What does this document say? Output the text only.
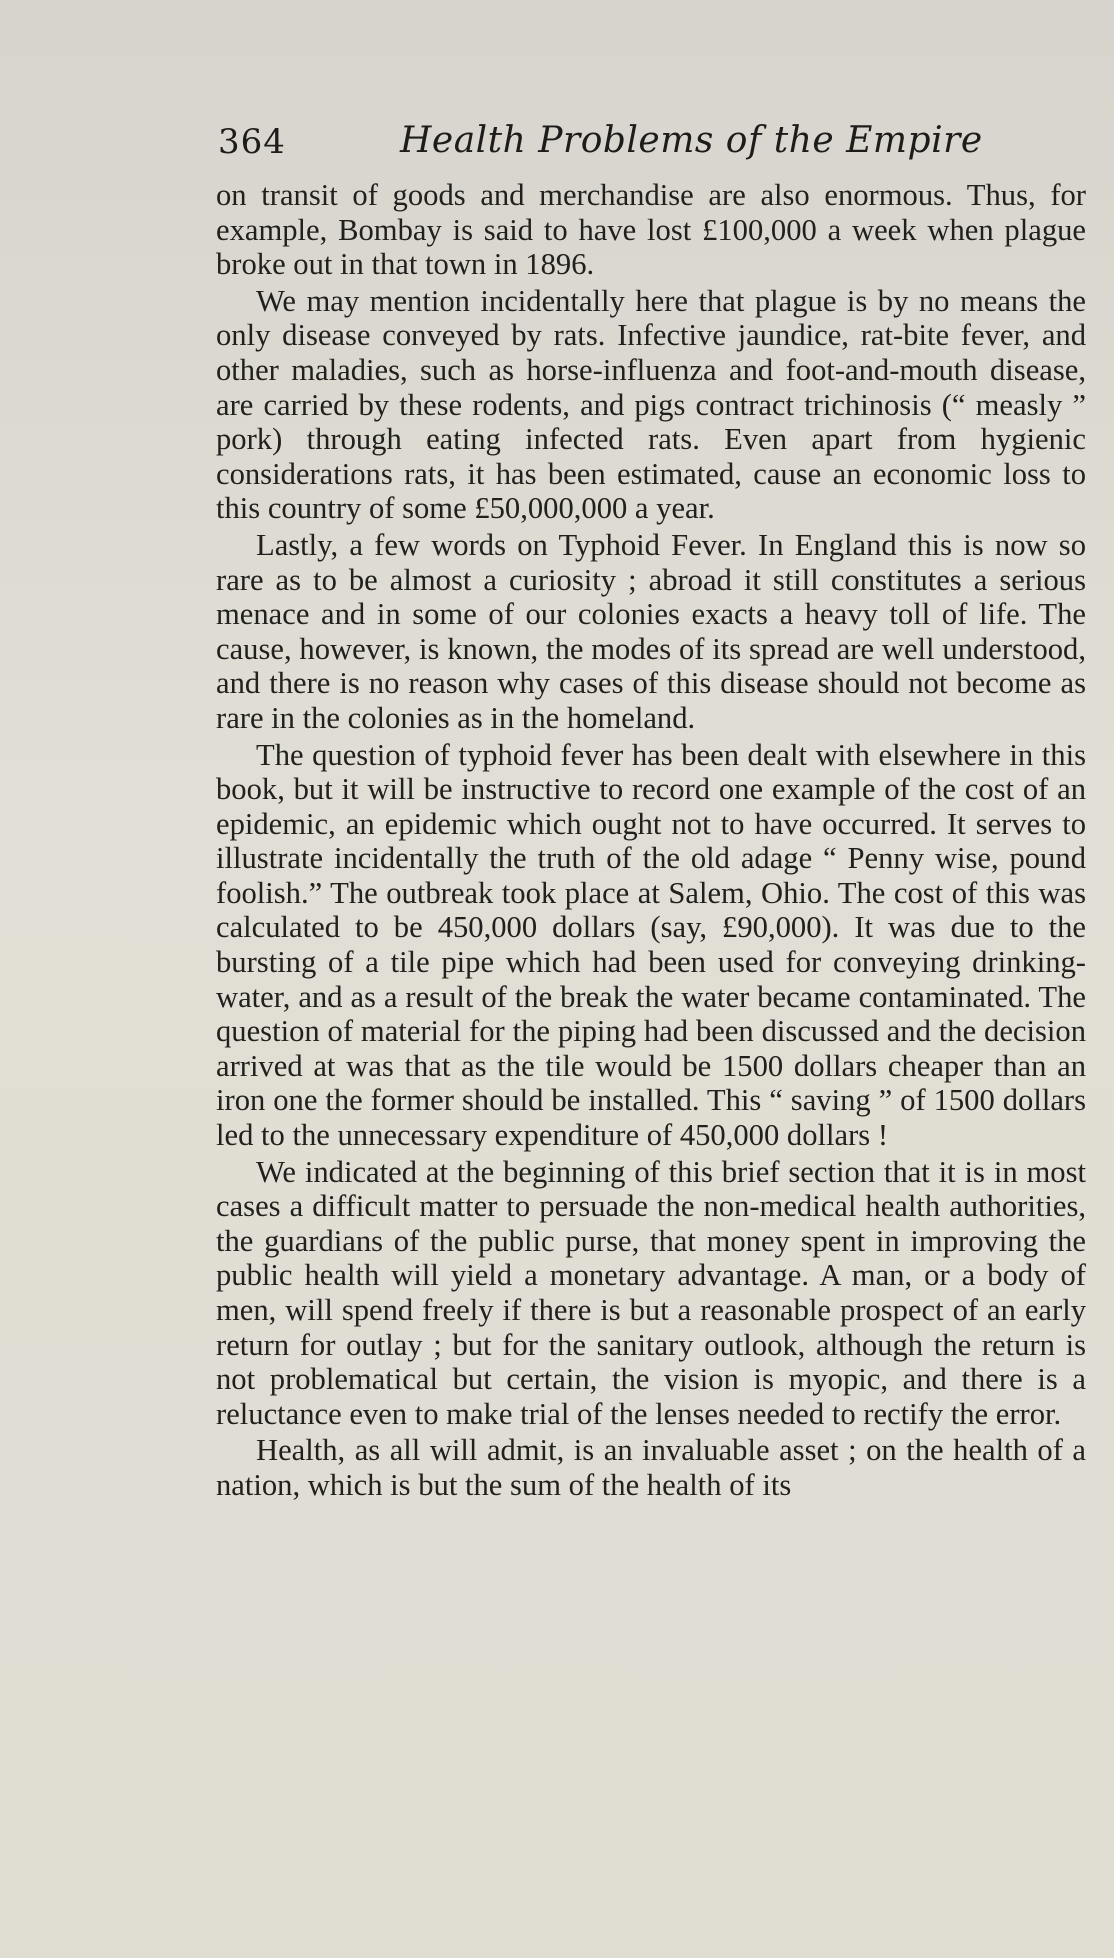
364	Health Problems of the Empire

on transit of goods and merchandise are also enormous. Thus, for example, Bombay is said to have lost £100,000 a week when plague broke out in that town in 1896.

We may mention incidentally here that plague is by no means the only disease conveyed by rats. Infective jaundice, rat-bite fever, and other maladies, such as horse-influenza and foot-and-mouth disease, are carried by these rodents, and pigs contract trichinosis (“ measly ” pork) through eating infected rats. Even apart from hygienic considerations rats, it has been estimated, cause an economic loss to this country of some £50,000,000 a year.

Lastly, a few words on Typhoid Fever. In England this is now so rare as to be almost a curiosity ; abroad it still constitutes a serious menace and in some of our colonies exacts a heavy toll of life. The cause, however, is known, the modes of its spread are well understood, and there is no reason why cases of this disease should not become as rare in the colonies as in the homeland.

The question of typhoid fever has been dealt with elsewhere in this book, but it will be instructive to record one example of the cost of an epidemic, an epidemic which ought not to have occurred. It serves to illustrate incidentally the truth of the old adage “ Penny wise, pound foolish.” The outbreak took place at Salem, Ohio. The cost of this was calculated to be 450,000 dollars (say, £90,000). It was due to the bursting of a tile pipe which had been used for conveying drinking-water, and as a result of the break the water became contaminated. The question of material for the piping had been discussed and the decision arrived at was that as the tile would be 1500 dollars cheaper than an iron one the former should be installed. This “ saving ” of 1500 dollars led to the unnecessary expenditure of 450,000 dollars !

We indicated at the beginning of this brief section that it is in most cases a difficult matter to persuade the non-medical health authorities, the guardians of the public purse, that money spent in improving the public health will yield a monetary advantage. A man, or a body of men, will spend freely if there is but a reasonable prospect of an early return for outlay ; but for the sanitary outlook, although the return is not problematical but certain, the vision is myopic, and there is a reluctance even to make trial of the lenses needed to rectify the error.

Health, as all will admit, is an invaluable asset ; on the health of a nation, which is but the sum of the health of its
